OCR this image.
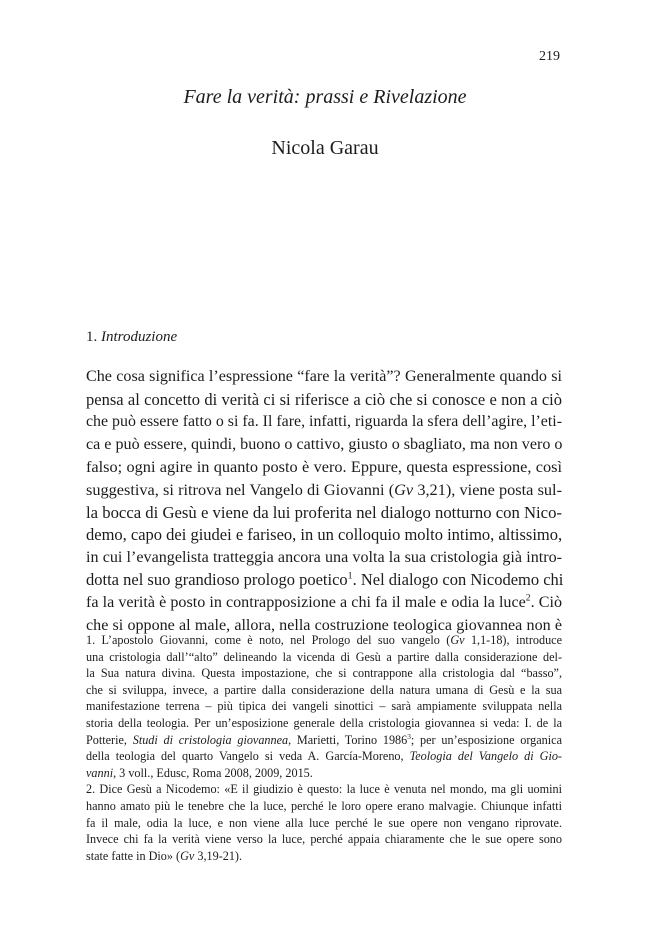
219
Fare la verità: prassi e Rivelazione
Nicola Garau
1. Introduzione
Che cosa significa l’espressione “fare la verità”? Generalmente quando si
pensa al concetto di verità ci si riferisce a ciò che si conosce e non a ciò
che può essere fatto o si fa. Il fare, infatti, riguarda la sfera dell’agire, l’eti-
ca e può essere, quindi, buono o cattivo, giusto o sbagliato, ma non vero o
falso; ogni agire in quanto posto è vero. Eppure, questa espressione, così
suggestiva, si ritrova nel Vangelo di Giovanni (Gv 3,21), viene posta sul-
la bocca di Gesù e viene da lui proferita nel dialogo notturno con Nico-
demo, capo dei giudei e fariseo, in un colloquio molto intimo, altissimo,
in cui l’evangelista tratteggia ancora una volta la sua cristologia già intro-
dotta nel suo grandioso prologo poetico$^1$. Nel dialogo con Nicodemo chi
fa la verità è posto in contrapposizione a chi fa il male e odia la luce$^2$. Ciò
che si oppone al male, allora, nella costruzione teologica giovannea non è
1. L’apostolo Giovanni, come è noto, nel Prologo del suo vangelo (Gv 1,1-18), introduce
una cristologia dall’“alto” delineando la vicenda di Gesù a partire dalla considerazione del-
la Sua natura divina. Questa impostazione, che si contrappone alla cristologia dal “basso”,
che si sviluppa, invece, a partire dalla considerazione della natura umana di Gesù e la sua
manifestazione terrena – più tipica dei vangeli sinottici – sarà ampiamente sviluppata nella
storia della teologia. Per un’esposizione generale della cristologia giovannea si veda: I. de la
Potterie, Studi di cristologia giovannea, Marietti, Torino 1986$^3$; per un’esposizione organica
della teologia del quarto Vangelo si veda A. García-Moreno, Teologia del Vangelo di Gio-
vanni, 3 voll., Edusc, Roma 2008, 2009, 2015.
2. Dice Gesù a Nicodemo: «E il giudizio è questo: la luce è venuta nel mondo, ma gli uomini
hanno amato più le tenebre che la luce, perché le loro opere erano malvagie. Chiunque infatti
fa il male, odia la luce, e non viene alla luce perché le sue opere non vengano riprovate.
Invece chi fa la verità viene verso la luce, perché appaia chiaramente che le sue opere sono
state fatte in Dio» (Gv 3,19-21).
